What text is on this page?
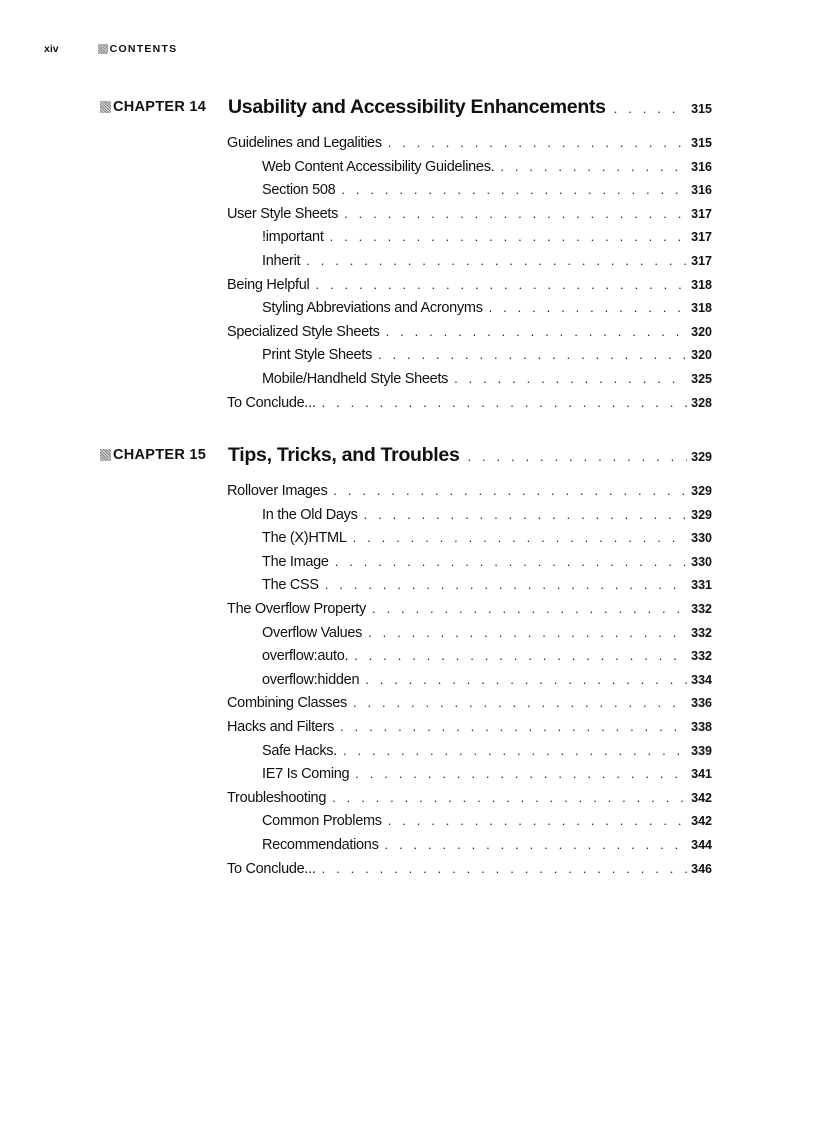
xiv	CONTENTS
CHAPTER 14 Usability and Accessibility Enhancements . . .	315
Guidelines and Legalities . . .	315
Web Content Accessibility Guidelines. . . .	316
Section 508 . . .	316
User Style Sheets . . .	317
!important . . .	317
Inherit . . .	317
Being Helpful . . .	318
Styling Abbreviations and Acronyms . . .	318
Specialized Style Sheets . . .	320
Print Style Sheets . . .	320
Mobile/Handheld Style Sheets . . .	325
To Conclude... . . .	328
CHAPTER 15 Tips, Tricks, and Troubles . . .	329
Rollover Images . . .	329
In the Old Days . . .	329
The (X)HTML . . .	330
The Image . . .	330
The CSS . . .	331
The Overflow Property . . .	332
Overflow Values . . .	332
overflow:auto. . . .	332
overflow:hidden . . .	334
Combining Classes . . .	336
Hacks and Filters . . .	338
Safe Hacks. . . .	339
IE7 Is Coming . . .	341
Troubleshooting . . .	342
Common Problems . . .	342
Recommendations . . .	344
To Conclude... . . .	346
